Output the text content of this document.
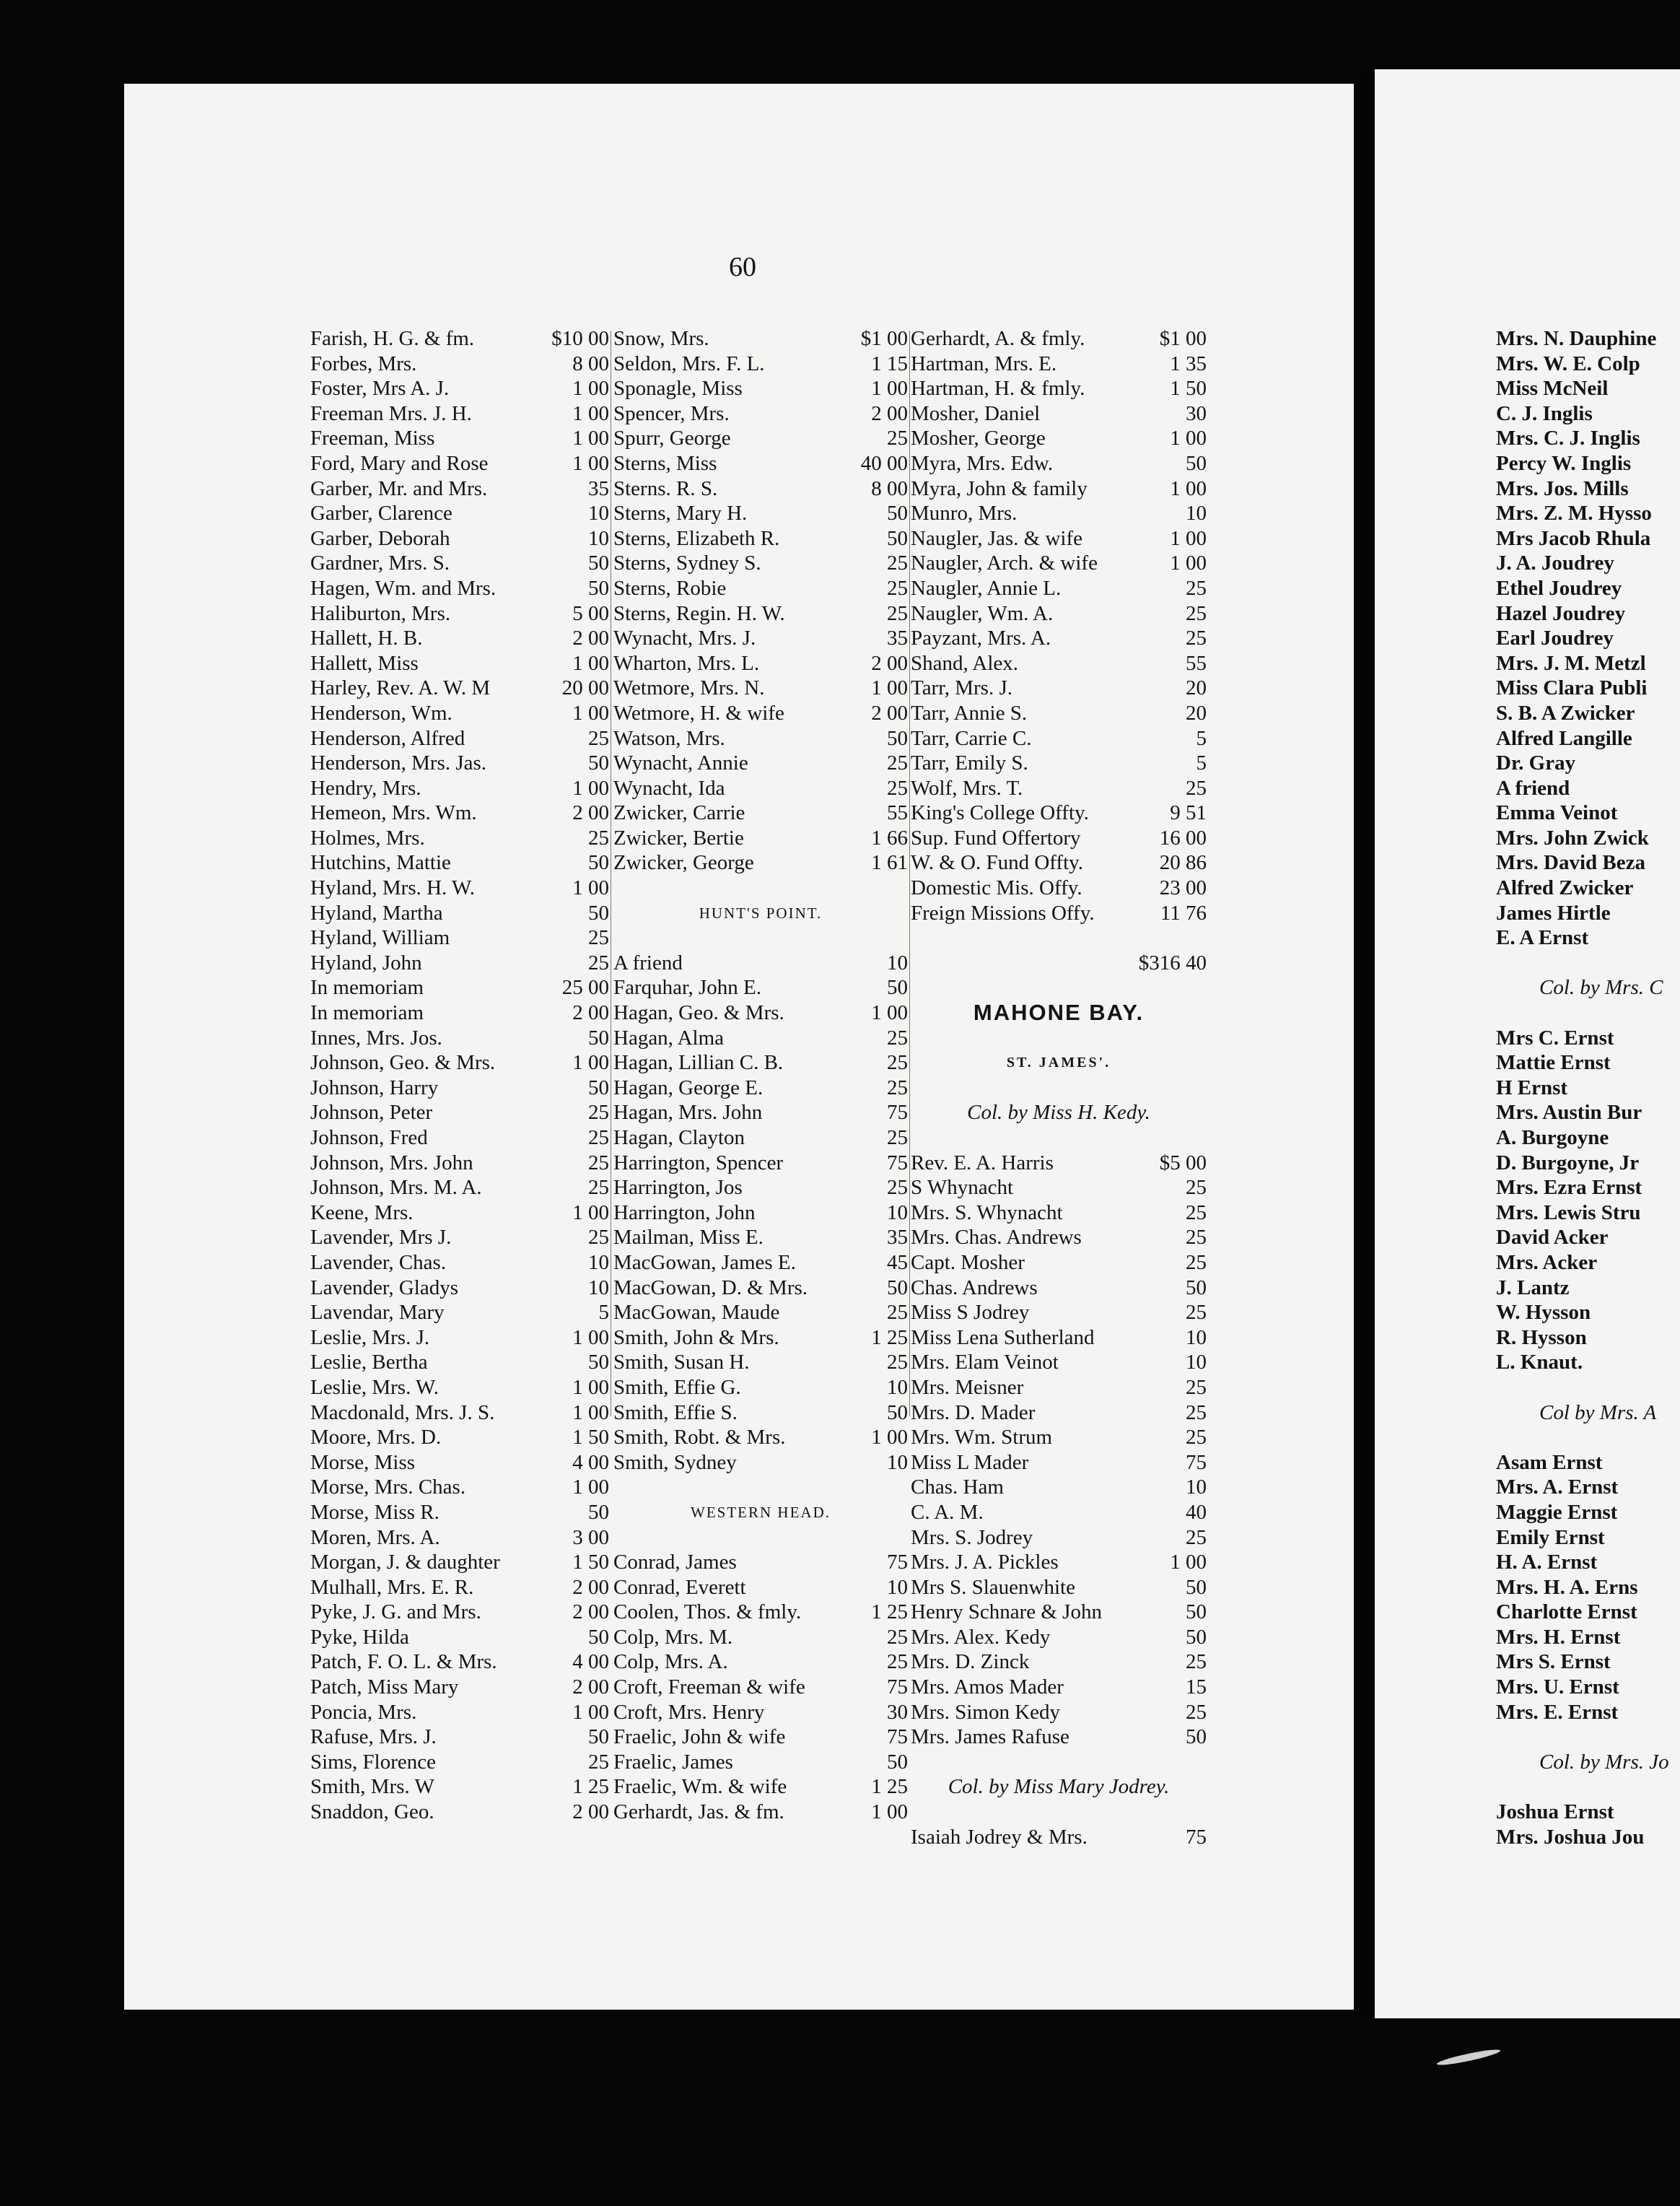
60
Farish, H. G. & fm.	$10 00
Forbes, Mrs.	8 00
Foster, Mrs A. J.	1 00
Freeman Mrs. J. H.	1 00
Freeman, Miss	1 00
Ford, Mary and Rose	1 00
Garber, Mr. and Mrs.	35
Garber, Clarence	10
Garber, Deborah	10
Gardner, Mrs. S.	50
Hagen, Wm. and Mrs.	50
Haliburton, Mrs.	5 00
Hallett, H. B.	2 00
Hallett, Miss	1 00
Harley, Rev. A. W. M	20 00
Henderson, Wm.	1 00
Henderson, Alfred	25
Henderson, Mrs. Jas.	50
Hendry, Mrs.	1 00
Hemeon, Mrs. Wm.	2 00
Holmes, Mrs.	25
Hutchins, Mattie	50
Hyland, Mrs. H. W.	1 00
Hyland, Martha	50
Hyland, William	25
Hyland, John	25
In memoriam	25 00
In memoriam	2 00
Innes, Mrs. Jos.	50
Johnson, Geo. & Mrs.	1 00
Johnson, Harry	50
Johnson, Peter	25
Johnson, Fred	25
Johnson, Mrs. John	25
Johnson, Mrs. M. A.	25
Keene, Mrs.	1 00
Lavender, Mrs J.	25
Lavender, Chas.	10
Lavender, Gladys	10
Lavendar, Mary	5
Leslie, Mrs. J.	1 00
Leslie, Bertha	50
Leslie, Mrs. W.	1 00
Macdonald, Mrs. J. S.	1 00
Moore, Mrs. D.	1 50
Morse, Miss	4 00
Morse, Mrs. Chas.	1 00
Morse, Miss R.	50
Moren, Mrs. A.	3 00
Morgan, J. & daughter	1 50
Mulhall, Mrs. E. R.	2 00
Pyke, J. G. and Mrs.	2 00
Pyke, Hilda	50
Patch, F. O. L. & Mrs.	4 00
Patch, Miss Mary	2 00
Poncia, Mrs.	1 00
Rafuse, Mrs. J.	50
Sims, Florence	25
Smith, Mrs. W	1 25
Snaddon, Geo.	2 00
Snow, Mrs.	$1 00
Seldon, Mrs. F. L.	1 15
Sponagle, Miss	1 00
Spencer, Mrs.	2 00
Spurr, George	25
Sterns, Miss	40 00
Sterns. R. S.	8 00
Sterns, Mary H.	50
Sterns, Elizabeth R.	50
Sterns, Sydney S.	25
Sterns, Robie	25
Sterns, Regin. H. W.	25
Wynacht, Mrs. J.	35
Wharton, Mrs. L.	2 00
Wetmore, Mrs. N.	1 00
Wetmore, H. & wife	2 00
Watson, Mrs.	50
Wynacht, Annie	25
Wynacht, Ida	25
Zwicker, Carrie	55
Zwicker, Bertie	1 66
Zwicker, George	1 61
HUNT'S POINT.
A friend	10
Farquhar, John E.	50
Hagan, Geo. & Mrs.	1 00
Hagan, Alma	25
Hagan, Lillian C. B.	25
Hagan, George E.	25
Hagan, Mrs. John	75
Hagan, Clayton	25
Harrington, Spencer	75
Harrington, Jos	25
Harrington, John	10
Mailman, Miss E.	35
MacGowan, James E.	45
MacGowan, D. & Mrs.	50
MacGowan, Maude	25
Smith, John & Mrs.	1 25
Smith, Susan H.	25
Smith, Effie G.	10
Smith, Effie S.	50
Smith, Robt. & Mrs.	1 00
Smith, Sydney	10
WESTERN HEAD.
Conrad, James	75
Conrad, Everett	10
Coolen, Thos. & fmly.	1 25
Colp, Mrs. M.	25
Colp, Mrs. A.	25
Croft, Freeman & wife	75
Croft, Mrs. Henry	30
Fraelic, John & wife	75
Fraelic, James	50
Fraelic, Wm. & wife	1 25
Gerhardt, Jas. & fm.	1 00
Gerhardt, A. & fmly.	$1 00
Hartman, Mrs. E.	1 35
Hartman, H. & fmly.	1 50
Mosher, Daniel	30
Mosher, George	1 00
Myra, Mrs. Edw.	50
Myra, John & family	1 00
Munro, Mrs.	10
Naugler, Jas. & wife	1 00
Naugler, Arch. & wife	1 00
Naugler, Annie L.	25
Naugler, Wm. A.	25
Payzant, Mrs. A.	25
Shand, Alex.	55
Tarr, Mrs. J.	20
Tarr, Annie S.	20
Tarr, Carrie C.	5
Tarr, Emily S.	5
Wolf, Mrs. T.	25
King's College Offty.	9 51
Sup. Fund Offertory	16 00
W. & O. Fund Offty.	20 86
Domestic Mis. Offy.	23 00
Freign Missions Offy.	11 76
$316 40
MAHONE BAY.
ST. JAMES'.
Col. by Miss H. Kedy.
Rev. E. A. Harris	$5 00
S Whynacht	25
Mrs. S. Whynacht	25
Mrs. Chas. Andrews	25
Capt. Mosher	25
Chas. Andrews	50
Miss S Jodrey	25
Miss Lena Sutherland	10
Mrs. Elam Veinot	10
Mrs. Meisner	25
Mrs. D. Mader	25
Mrs. Wm. Strum	25
Miss L Mader	75
Chas. Ham	10
C. A. M.	40
Mrs. S. Jodrey	25
Mrs. J. A. Pickles	1 00
Mrs S. Slauenwhite	50
Henry Schnare & John	50
Mrs. Alex. Kedy	50
Mrs. D. Zinck	25
Mrs. Amos Mader	15
Mrs. Simon Kedy	25
Mrs. James Rafuse	50
Col. by Miss Mary Jodrey.
Isaiah Jodrey & Mrs.	75
Mrs. N. Dauphine
Mrs. W. E. Colp
Miss McNeil
C. J. Inglis
Mrs. C. J. Inglis
Percy W. Inglis
Mrs. Jos. Mills
Mrs. Z. M. Hysso
Mrs Jacob Rhula
J. A. Joudrey
Ethel Joudrey
Hazel Joudrey
Earl Joudrey
Mrs. J. M. Metzl
Miss Clara Publi
S. B. A Zwicker
Alfred Langille
Dr. Gray
A friend
Emma Veinot
Mrs. John Zwick
Mrs. David Beza
Alfred Zwicker
James Hirtle
E. A Ernst
Col. by Mrs. C
Mrs C. Ernst
Mattie Ernst
H Ernst
Mrs. Austin Bur
A. Burgoyne
D. Burgoyne, Jr
Mrs. Ezra Ernst
Mrs. Lewis Stru
David Acker
Mrs. Acker
J. Lantz
W. Hysson
R. Hysson
L. Knaut.
Col by Mrs. A
Asam Ernst
Mrs. A. Ernst
Maggie Ernst
Emily Ernst
H. A. Ernst
Mrs. H. A. Erns
Charlotte Ernst
Mrs. H. Ernst
Mrs S. Ernst
Mrs. U. Ernst
Mrs. E. Ernst
Col. by Mrs. Jo
Joshua Ernst
Mrs. Joshua Jou
